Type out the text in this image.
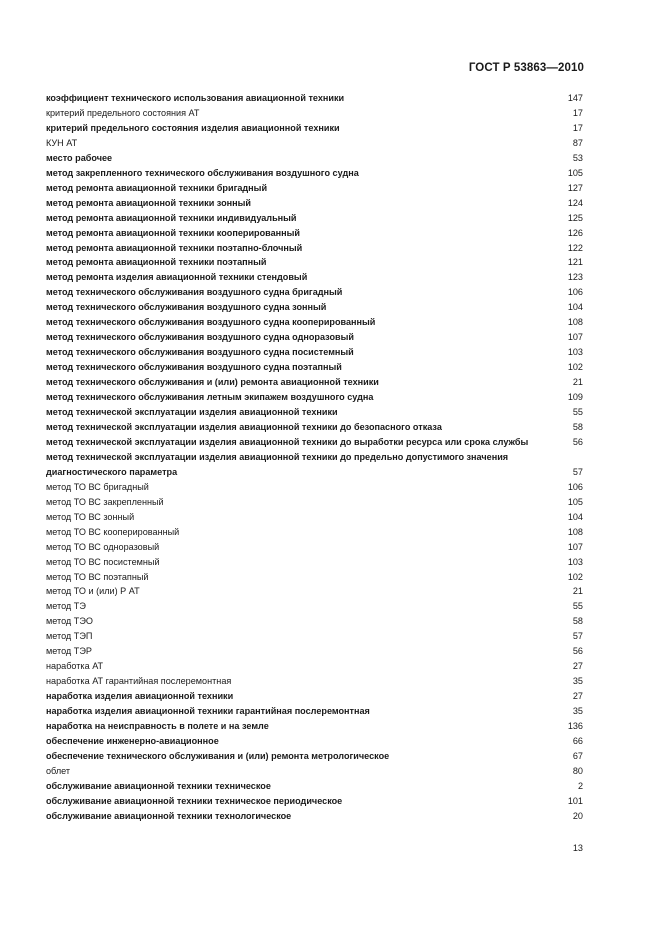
ГОСТ Р 53863—2010
коэффициент технического использования авиационной техники	147
критерий предельного состояния АТ	17
критерий предельного состояния изделия авиационной техники	17
КУН АТ	87
место рабочее	53
метод закрепленного технического обслуживания воздушного судна	105
метод ремонта авиационной техники бригадный	127
метод ремонта авиационной техники зонный	124
метод ремонта авиационной техники индивидуальный	125
метод ремонта авиационной техники кооперированный	126
метод ремонта авиационной техники поэтапно-блочный	122
метод ремонта авиационной техники поэтапный	121
метод ремонта изделия авиационной техники стендовый	123
метод технического обслуживания воздушного судна бригадный	106
метод технического обслуживания воздушного судна зонный	104
метод технического обслуживания воздушного судна кооперированный	108
метод технического обслуживания воздушного судна одноразовый	107
метод технического обслуживания воздушного судна посистемный	103
метод технического обслуживания воздушного судна поэтапный	102
метод технического обслуживания и (или) ремонта авиационной техники	21
метод технического обслуживания летным экипажем воздушного судна	109
метод технической эксплуатации изделия авиационной техники	55
метод технической эксплуатации изделия авиационной техники до безопасного отказа	58
метод технической эксплуатации изделия авиационной техники до выработки ресурса или срока службы	56
метод технической эксплуатации изделия авиационной техники до предельно допустимого значения диагностического параметра	57
метод ТО ВС бригадный	106
метод ТО ВС закрепленный	105
метод ТО ВС зонный	104
метод ТО ВС кооперированный	108
метод ТО ВС одноразовый	107
метод ТО ВС посистемный	103
метод ТО ВС поэтапный	102
метод ТО и (или) Р АТ	21
метод ТЭ	55
метод ТЭО	58
метод ТЭП	57
метод ТЭР	56
наработка АТ	27
наработка АТ гарантийная послеремонтная	35
наработка изделия авиационной техники	27
наработка изделия авиационной техники гарантийная послеремонтная	35
наработка на неисправность в полете и на земле	136
обеспечение инженерно-авиационное	66
обеспечение технического обслуживания и (или) ремонта метрологическое	67
облет	80
обслуживание авиационной техники техническое	2
обслуживание авиационной техники техническое периодическое	101
обслуживание авиационной техники технологическое	20
13
